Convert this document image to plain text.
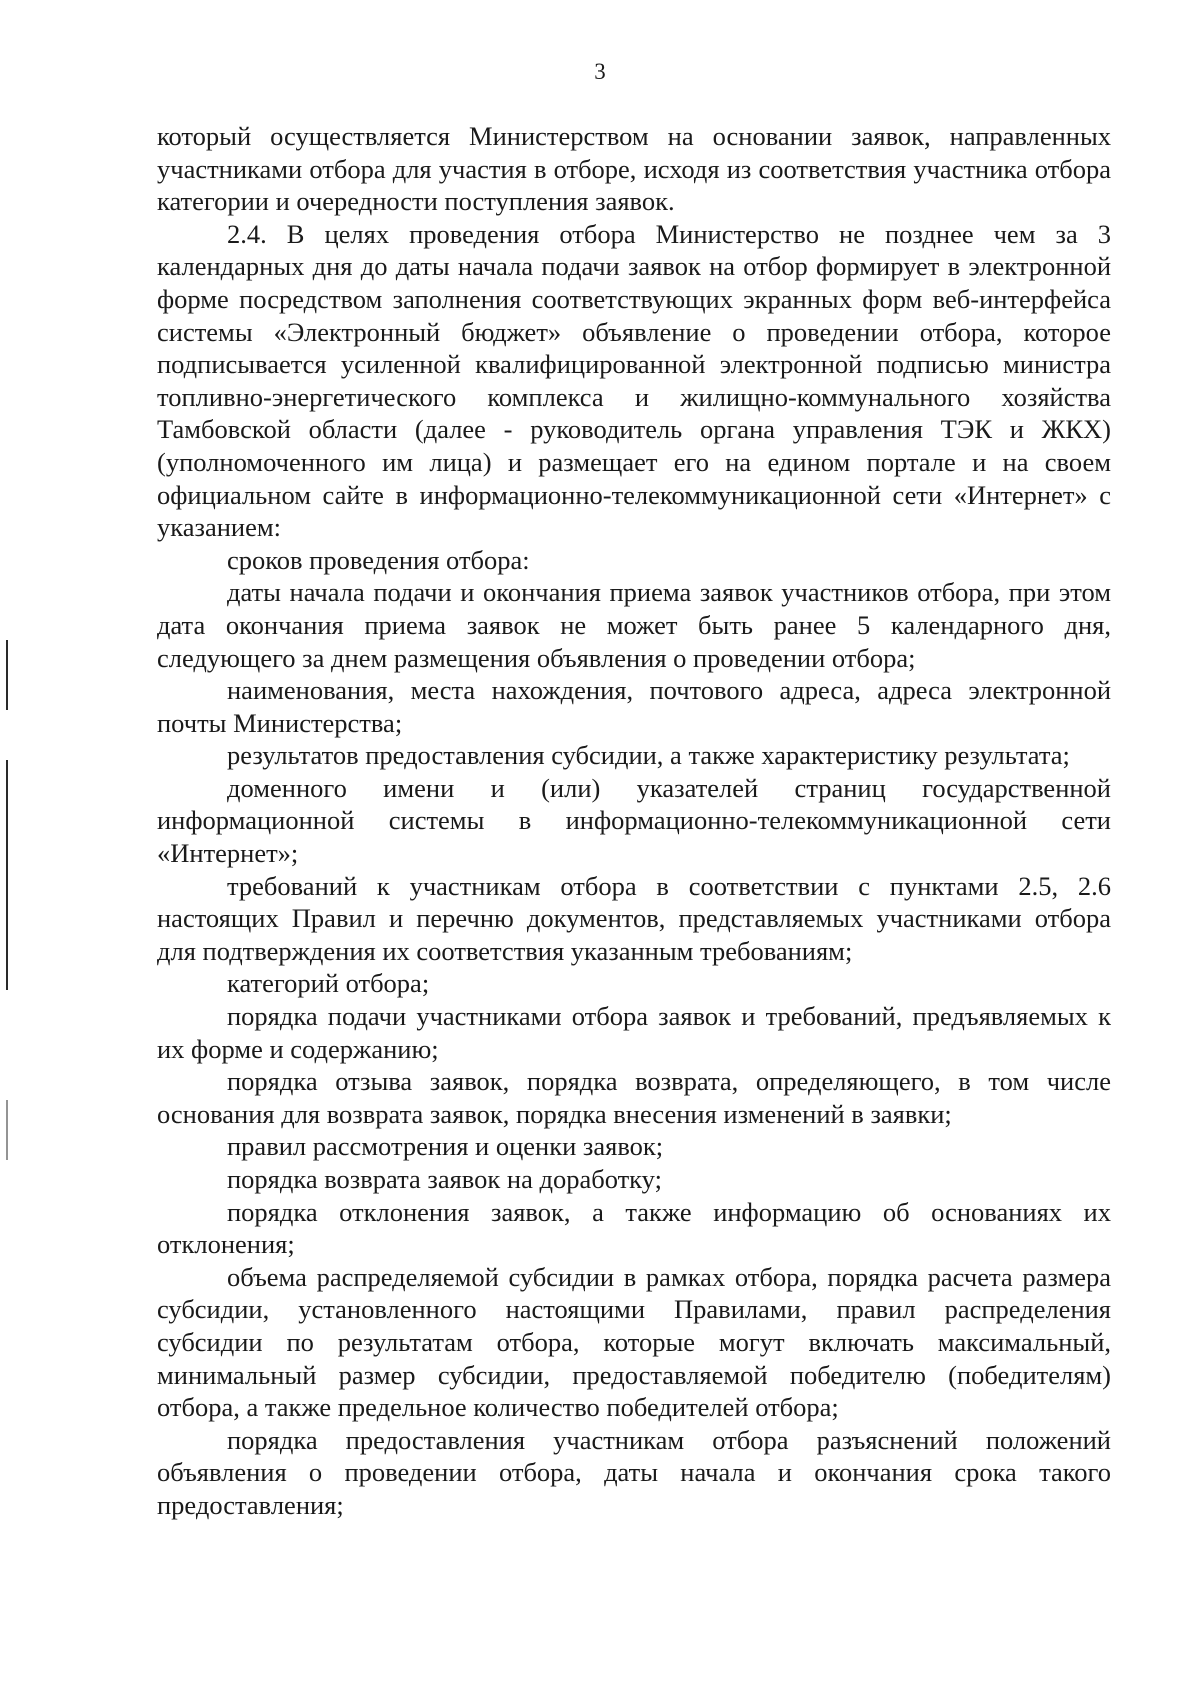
3

который осуществляется Министерством на основании заявок, направленных участниками отбора для участия в отборе, исходя из соответствия участника отбора категории и очередности поступления заявок.

2.4. В целях проведения отбора Министерство не позднее чем за 3 календарных дня до даты начала подачи заявок на отбор формирует в электронной форме посредством заполнения соответствующих экранных форм веб-интерфейса системы «Электронный бюджет» объявление о проведении отбора, которое подписывается усиленной квалифицированной электронной подписью министра топливно-энергетического комплекса и жилищно-коммунального хозяйства Тамбовской области (далее - руководитель органа управления ТЭК и ЖКХ) (уполномоченного им лица) и размещает его на едином портале и на своем официальном сайте в информационно-телекоммуникационной сети «Интернет» с указанием:

сроков проведения отбора:

даты начала подачи и окончания приема заявок участников отбора, при этом дата окончания приема заявок не может быть ранее 5 календарного дня, следующего за днем размещения объявления о проведении отбора;

наименования, места нахождения, почтового адреса, адреса электронной почты Министерства;

результатов предоставления субсидии, а также характеристику результата;

доменного имени и (или) указателей страниц государственной информационной системы в информационно-телекоммуникационной сети «Интернет»;

требований к участникам отбора в соответствии с пунктами 2.5, 2.6 настоящих Правил и перечню документов, представляемых участниками отбора для подтверждения их соответствия указанным требованиям;

категорий отбора;

порядка подачи участниками отбора заявок и требований, предъявляемых к их форме и содержанию;

порядка отзыва заявок, порядка возврата, определяющего, в том числе основания для возврата заявок, порядка внесения изменений в заявки;

правил рассмотрения и оценки заявок;

порядка возврата заявок на доработку;

порядка отклонения заявок, а также информацию об основаниях их отклонения;

объема распределяемой субсидии в рамках отбора, порядка расчета размера субсидии, установленного настоящими Правилами, правил распределения субсидии по результатам отбора, которые могут включать максимальный, минимальный размер субсидии, предоставляемой победителю (победителям) отбора, а также предельное количество победителей отбора;

порядка предоставления участникам отбора разъяснений положений объявления о проведении отбора, даты начала и окончания срока такого предоставления;
